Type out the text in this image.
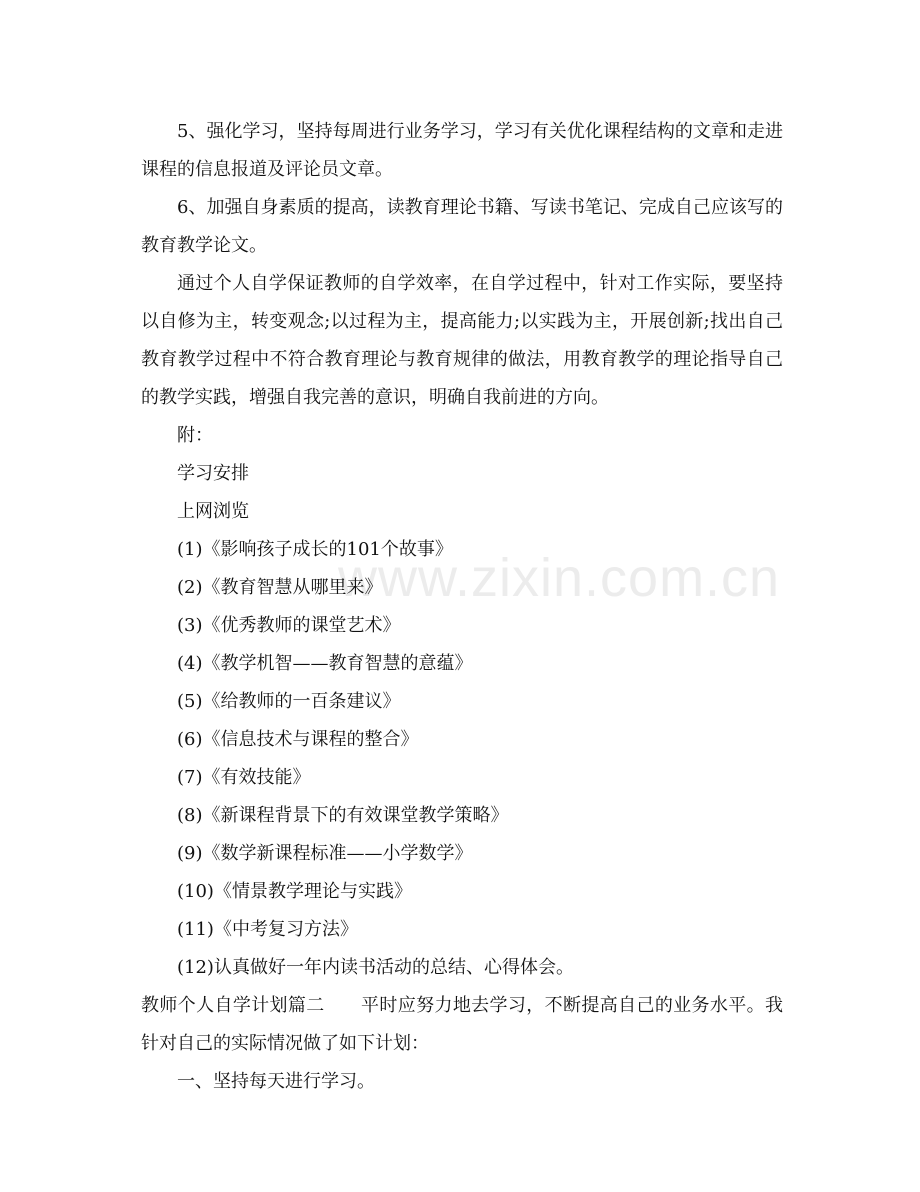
www.zixin.com.cn

5、强化学习，坚持每周进行业务学习，学习有关优化课程结构的文章和走进课程的信息报道及评论员文章。

6、加强自身素质的提高，读教育理论书籍、写读书笔记、完成自己应该写的教育教学论文。

通过个人自学保证教师的自学效率，在自学过程中，针对工作实际，要坚持以自修为主，转变观念;以过程为主，提高能力;以实践为主，开展创新;找出自己教育教学过程中不符合教育理论与教育规律的做法，用教育教学的理论指导自己的教学实践，增强自我完善的意识，明确自我前进的方向。

附：

学习安排

上网浏览

(1)《影响孩子成长的101个故事》

(2)《教育智慧从哪里来》

(3)《优秀教师的课堂艺术》

(4)《教学机智——教育智慧的意蕴》

(5)《给教师的一百条建议》

(6)《信息技术与课程的整合》

(7)《有效技能》

(8)《新课程背景下的有效课堂教学策略》

(9)《数学新课程标准——小学数学》

(10)《情景教学理论与实践》

(11)《中考复习方法》

(12)认真做好一年内读书活动的总结、心得体会。

教师个人自学计划篇二 平时应努力地去学习，不断提高自己的业务水平。我针对自己的实际情况做了如下计划：

一、坚持每天进行学习。
